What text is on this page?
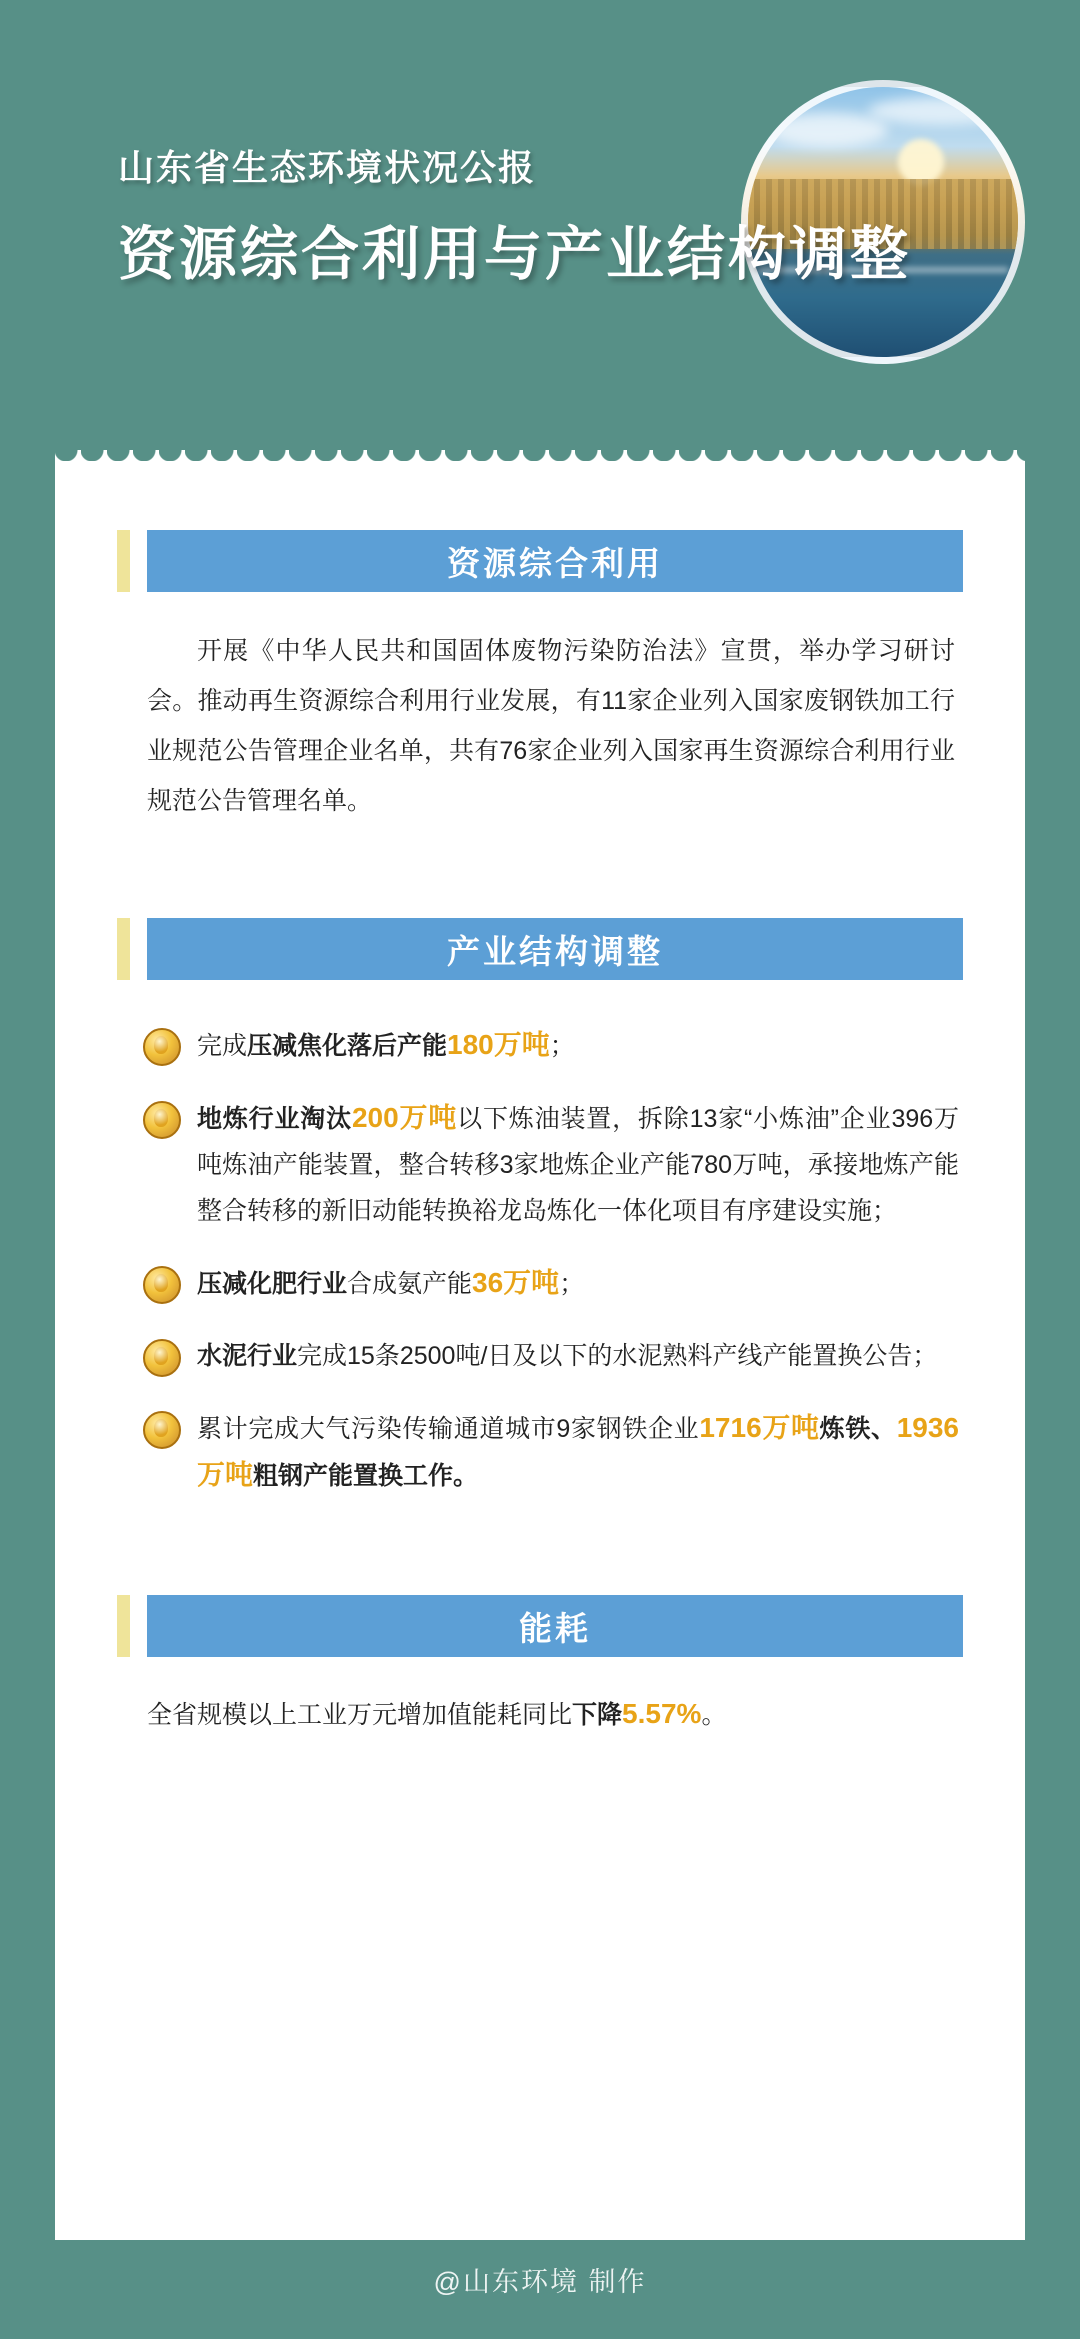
山东省生态环境状况公报
资源综合利用与产业结构调整
资源综合利用
开展《中华人民共和国固体废物污染防治法》宣贯，举办学习研讨会。推动再生资源综合利用行业发展，有11家企业列入国家废钢铁加工行业规范公告管理企业名单，共有76家企业列入国家再生资源综合利用行业规范公告管理名单。
产业结构调整
完成压减焦化落后产能180万吨；
地炼行业淘汰200万吨以下炼油装置，拆除13家“小炼油”企业396万吨炼油产能装置，整合转移3家地炼企业产能780万吨，承接地炼产能整合转移的新旧动能转换裕龙岛炼化一体化项目有序建设实施；
压减化肥行业合成氨产能36万吨；
水泥行业完成15条2500吨/日及以下的水泥熟料产线产能置换公告；
累计完成大气污染传输通道城市9家钢铁企业1716万吨炼铁、1936万吨粗钢产能置换工作。
能耗
全省规模以上工业万元增加值能耗同比下降5.57%。
@山东环境 制作
